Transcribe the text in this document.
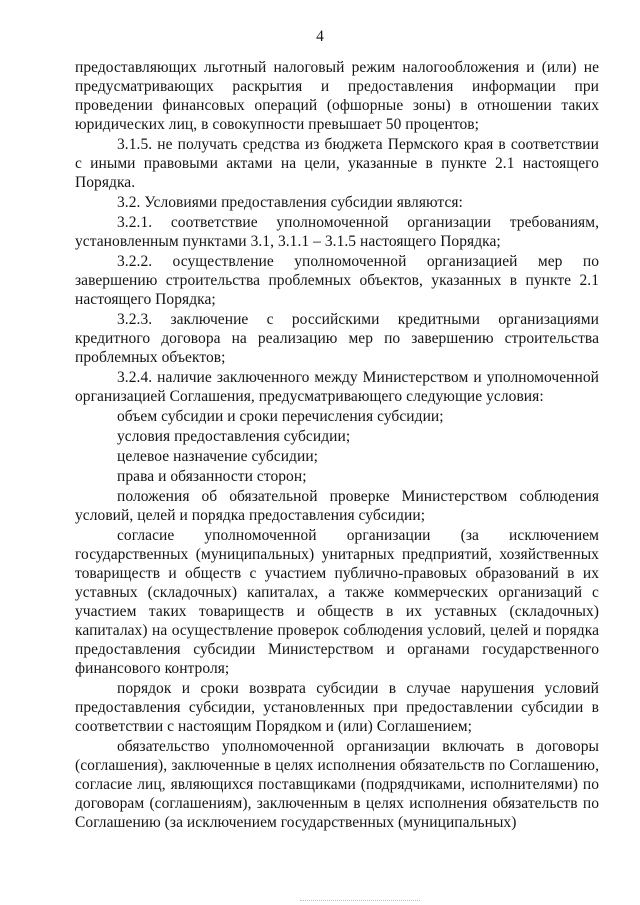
4

предоставляющих льготный налоговый режим налогообложения и (или) не предусматривающих раскрытия и предоставления информации при проведении финансовых операций (офшорные зоны) в отношении таких юридических лиц, в совокупности превышает 50 процентов;

3.1.5. не получать средства из бюджета Пермского края в соответствии с иными правовыми актами на цели, указанные в пункте 2.1 настоящего Порядка.

3.2. Условиями предоставления субсидии являются:

3.2.1. соответствие уполномоченной организации требованиям, установленным пунктами 3.1, 3.1.1 – 3.1.5 настоящего Порядка;

3.2.2. осуществление уполномоченной организацией мер по завершению строительства проблемных объектов, указанных в пункте 2.1 настоящего Порядка;

3.2.3. заключение с российскими кредитными организациями кредитного договора на реализацию мер по завершению строительства проблемных объектов;

3.2.4. наличие заключенного между Министерством и уполномоченной организацией Соглашения, предусматривающего следующие условия:

объем субсидии и сроки перечисления субсидии;

условия предоставления субсидии;

целевое назначение субсидии;

права и обязанности сторон;

положения об обязательной проверке Министерством соблюдения условий, целей и порядка предоставления субсидии;

согласие уполномоченной организации (за исключением государственных (муниципальных) унитарных предприятий, хозяйственных товариществ и обществ с участием публично-правовых образований в их уставных (складочных) капиталах, а также коммерческих организаций с участием таких товариществ и обществ в их уставных (складочных) капиталах) на осуществление проверок соблюдения условий, целей и порядка предоставления субсидии Министерством и органами государственного финансового контроля;

порядок и сроки возврата субсидии в случае нарушения условий предоставления субсидии, установленных при предоставлении субсидии в соответствии с настоящим Порядком и (или) Соглашением;

обязательство уполномоченной организации включать в договоры (соглашения), заключенные в целях исполнения обязательств по Соглашению, согласие лиц, являющихся поставщиками (подрядчиками, исполнителями) по договорам (соглашениям), заключенным в целях исполнения обязательств по Соглашению (за исключением государственных (муниципальных)
